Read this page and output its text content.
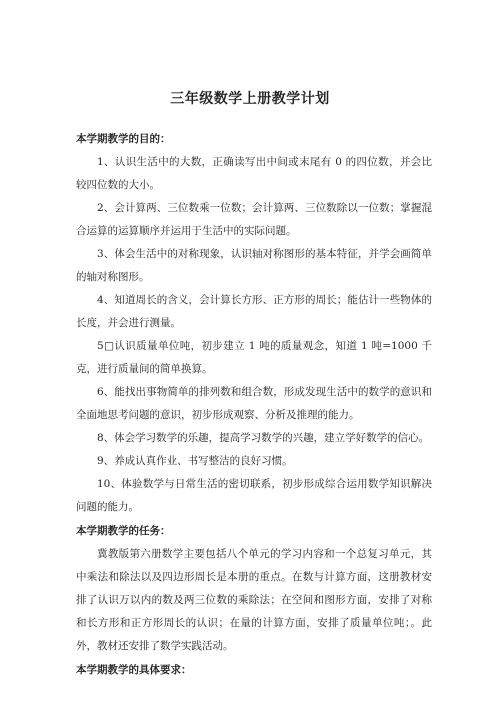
三年级数学上册教学计划
本学期教学的目的：
1、认识生活中的大数，正确读写出中间或末尾有 0 的四位数，并会比较四位数的大小。
2、会计算两、三位数乘一位数；会计算两、三位数除以一位数；掌握混合运算的运算顺序并运用于生活中的实际问题。
3、体会生活中的对称现象，认识轴对称图形的基本特征，并学会画简单的轴对称图形。
4、知道周长的含义，会计算长方形、正方形的周长；能估计一些物体的长度，并会进行测量。
5□认识质量单位吨，初步建立 1 吨的质量观念，知道 1 吨=1000 千克，进行质量间的简单换算。
6、能找出事物简单的排列数和组合数，形成发现生活中的数学的意识和全面地思考问题的意识，初步形成观察、分析及推理的能力。
8、体会学习数学的乐趣，提高学习数学的兴趣，建立学好数学的信心。
9、养成认真作业、书写整洁的良好习惯。
10、体验数学与日常生活的密切联系，初步形成综合运用数学知识解决问题的能力。
本学期教学的任务：
冀教版第六册数学主要包括八个单元的学习内容和一个总复习单元，其中乘法和除法以及四边形周长是本册的重点。在数与计算方面，这册教材安排了认识万以内的数及两三位数的乘除法；在空间和图形方面，安排了对称和长方形和正方形周长的认识；在量的计算方面，安排了质量单位吨；。此外，教材还安排了数学实践活动。
本学期教学的具体要求：
